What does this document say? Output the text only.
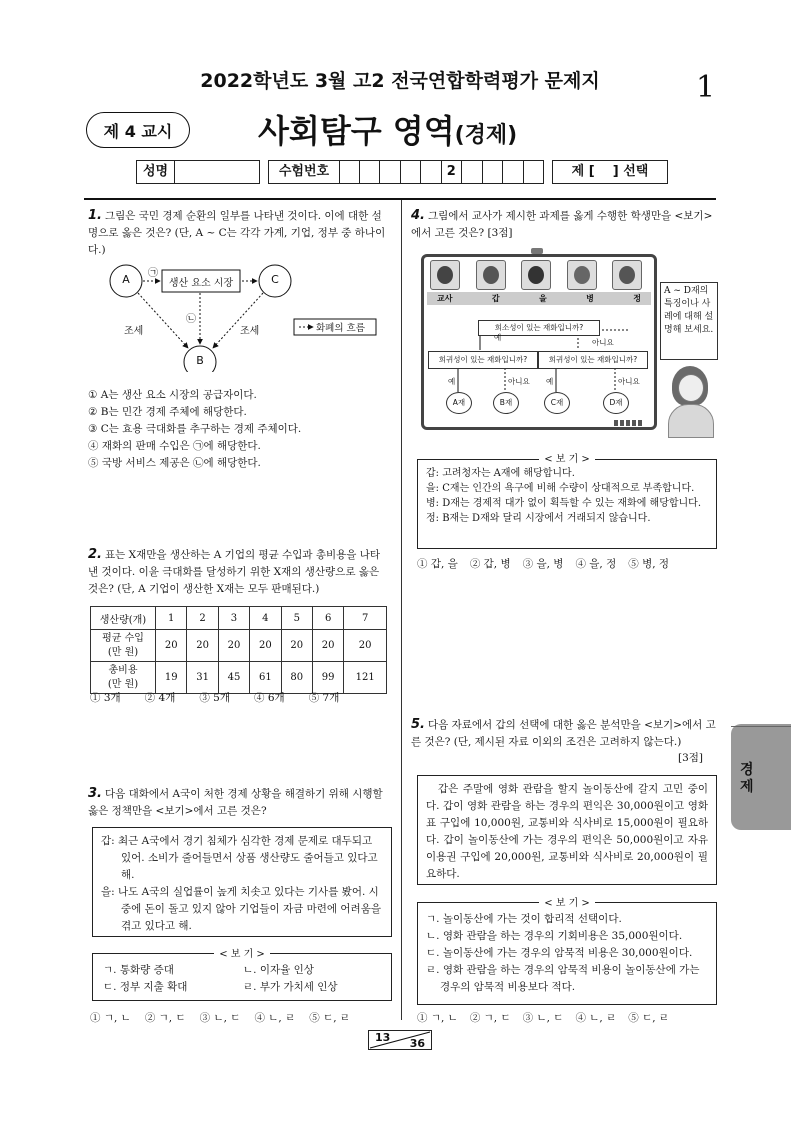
2022학년도 3월 고2 전국연합학력평가 문제지	1
제 4 교시	사회탐구 영역(경제)
성명	수험번호	2	제 [    ] 선택
경 제
1. 그림은 국민 경제 순환의 일부를 나타낸 것이다. 이에 대한 설명으로 옳은 것은? (단, A ~ C는 각각 가계, 기업, 정부 중 하나이다.)
A	C
B
생산 요소 시장
조세	조세
㉠
㉡
화폐의 흐름
① A는 생산 요소 시장의 공급자이다.
② B는 민간 경제 주체에 해당한다.
③ C는 효용 극대화를 추구하는 경제 주체이다.
④ 재화의 판매 수입은 ㉠에 해당한다.
⑤ 국방 서비스 제공은 ㉡에 해당한다.
2. 표는 X재만을 생산하는 A 기업의 평균 수입과 총비용을 나타낸 것이다. 이윤 극대화를 달성하기 위한 X재의 생산량으로 옳은 것은? (단, A 기업이 생산한 X재는 모두 판매된다.)
생산량(개)	1	2	3	4	5	6	7
평균 수입
(만 원)	20	20	20	20	20	20	20
총비용
(만 원)	19	31	45	61	80	99	121
① 3개 ② 4개 ③ 5개 ④ 6개 ⑤ 7개
3. 다음 대화에서 A국이 처한 경제 상황을 해결하기 위해 시행할 옳은 정책만을 <보기>에서 고른 것은?
갑: 최근 A국에서 경기 침체가 심각한 경제 문제로 대두되고 있어. 소비가 줄어들면서 상품 생산량도 줄어들고 있다고 해.
을: 나도 A국의 실업률이 높게 치솟고 있다는 기사를 봤어. 시중에 돈이 돌고 있지 않아 기업들이 자금 마련에 어려움을 겪고 있다고 해.
< 보 기 >
ㄱ. 통화량 증대	ㄴ. 이자율 인상
ㄷ. 정부 지출 확대	ㄹ. 부가 가치세 인상
① ㄱ, ㄴ ② ㄱ, ㄷ ③ ㄴ, ㄷ ④ ㄴ, ㄹ ⑤ ㄷ, ㄹ
4. 그림에서 교사가 제시한 과제를 옳게 수행한 학생만을 <보기>에서 고른 것은? [3점]
교사	갑	을	병	정
희소성이 있는 재화입니까?
예
아니요
희귀성이 있는 재화입니까?	희귀성이 있는 재화입니까?
예	아니요 예	아니요
A재	B재	C재	D재
A ~ D재의 특징이나 사례에 대해 설명해 보세요.
< 보 기 >
갑: 고려청자는 A재에 해당합니다.
을: C재는 인간의 욕구에 비해 수량이 상대적으로 부족합니다.
병: D재는 경제적 대가 없이 획득할 수 있는 재화에 해당합니다.
정: B재는 D재와 달리 시장에서 거래되지 않습니다.
① 갑, 을 ② 갑, 병 ③ 을, 병 ④ 을, 정 ⑤ 병, 정
5. 다음 자료에서 갑의 선택에 대한 옳은 분석만을 <보기>에서 고른 것은? (단, 제시된 자료 이외의 조건은 고려하지 않는다.)
[3점]
갑은 주말에 영화 관람을 할지 놀이동산에 갈지 고민 중이다. 갑이 영화 관람을 하는 경우의 편익은 30,000원이고 영화표 구입에 10,000원, 교통비와 식사비로 15,000원이 필요하다. 갑이 놀이동산에 가는 경우의 편익은 50,000원이고 자유 이용권 구입에 20,000원, 교통비와 식사비로 20,000원이 필요하다.
< 보 기 >
ㄱ. 놀이동산에 가는 것이 합리적 선택이다.
ㄴ. 영화 관람을 하는 경우의 기회비용은 35,000원이다.
ㄷ. 놀이동산에 가는 경우의 암묵적 비용은 30,000원이다.
ㄹ. 영화 관람을 하는 경우의 암묵적 비용이 놀이동산에 가는 경우의 암묵적 비용보다 적다.
① ㄱ, ㄴ ② ㄱ, ㄷ ③ ㄴ, ㄷ ④ ㄴ, ㄹ ⑤ ㄷ, ㄹ
13 36
